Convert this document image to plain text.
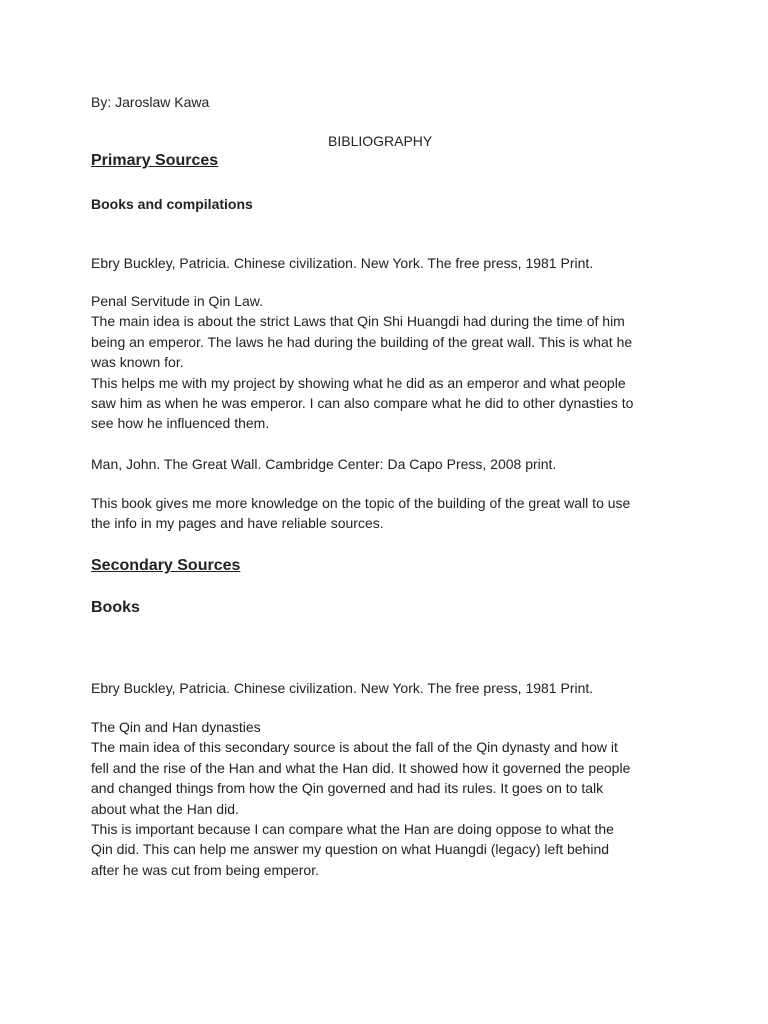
By: Jaroslaw Kawa

BIBLIOGRAPHY

Primary Sources

Books and compilations

Ebry Buckley, Patricia. Chinese civilization. New York. The free press, 1981 Print.

Penal Servitude in Qin Law.
The main idea is about the strict Laws that Qin Shi Huangdi had during the time of him
being an emperor. The laws he had during the building of the great wall. This is what he
was known for.
This helps me with my project by showing what he did as an emperor and what people
saw him as when he was emperor. I can also compare what he did to other dynasties to
see how he influenced them.

Man, John. The Great Wall. Cambridge Center: Da Capo Press, 2008 print.

This book gives me more knowledge on the topic of the building of the great wall to use
the info in my pages and have reliable sources.

Secondary Sources

Books

Ebry Buckley, Patricia. Chinese civilization. New York. The free press, 1981 Print.

The Qin and Han dynasties
The main idea of this secondary source is about the fall of the Qin dynasty and how it
fell and the rise of the Han and what the Han did. It showed how it governed the people
and changed things from how the Qin governed and had its rules. It goes on to talk
about what the Han did.
This is important because I can compare what the Han are doing oppose to what the
Qin did. This can help me answer my question on what Huangdi (legacy) left behind
after he was cut from being emperor.
